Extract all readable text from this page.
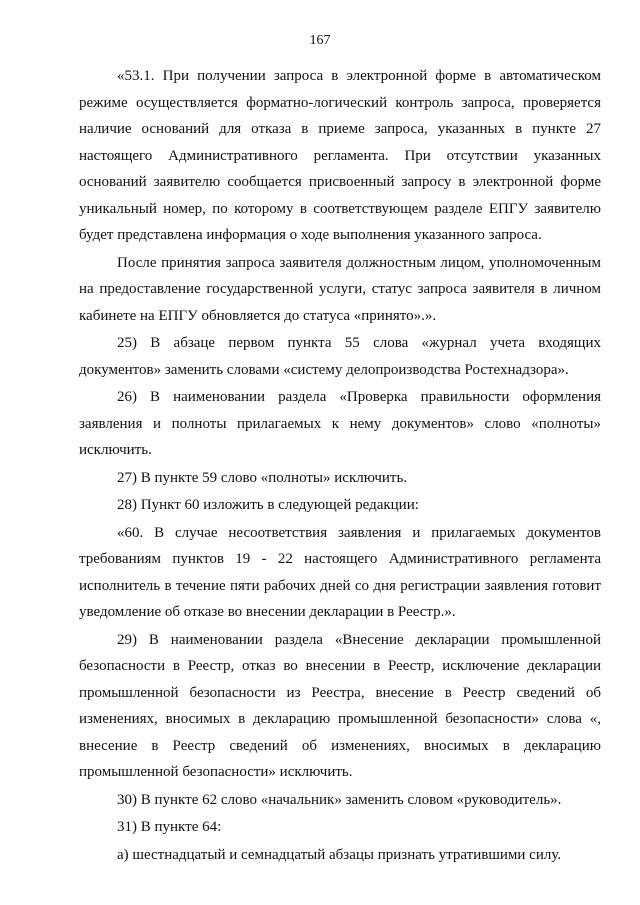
167

«53.1. При получении запроса в электронной форме в автоматическом режиме осуществляется форматно-логический контроль запроса, проверяется наличие оснований для отказа в приеме запроса, указанных в пункте 27 настоящего Административного регламента. При отсутствии указанных оснований заявителю сообщается присвоенный запросу в электронной форме уникальный номер, по которому в соответствующем разделе ЕПГУ заявителю будет представлена информация о ходе выполнения указанного запроса.

После принятия запроса заявителя должностным лицом, уполномоченным на предоставление государственной услуги, статус запроса заявителя в личном кабинете на ЕПГУ обновляется до статуса «принято».».

25) В абзаце первом пункта 55 слова «журнал учета входящих документов» заменить словами «систему делопроизводства Ростехнадзора».

26) В наименовании раздела «Проверка правильности оформления заявления и полноты прилагаемых к нему документов» слово «полноты» исключить.

27) В пункте 59 слово «полноты» исключить.

28) Пункт 60 изложить в следующей редакции:

«60. В случае несоответствия заявления и прилагаемых документов требованиям пунктов 19 - 22 настоящего Административного регламента исполнитель в течение пяти рабочих дней со дня регистрации заявления готовит уведомление об отказе во внесении декларации в Реестр.».

29) В наименовании раздела «Внесение декларации промышленной безопасности в Реестр, отказ во внесении в Реестр, исключение декларации промышленной безопасности из Реестра, внесение в Реестр сведений об изменениях, вносимых в декларацию промышленной безопасности» слова «, внесение в Реестр сведений об изменениях, вносимых в декларацию промышленной безопасности» исключить.

30) В пункте 62 слово «начальник» заменить словом «руководитель».

31) В пункте 64:

а) шестнадцатый и семнадцатый абзацы признать утратившими силу.
